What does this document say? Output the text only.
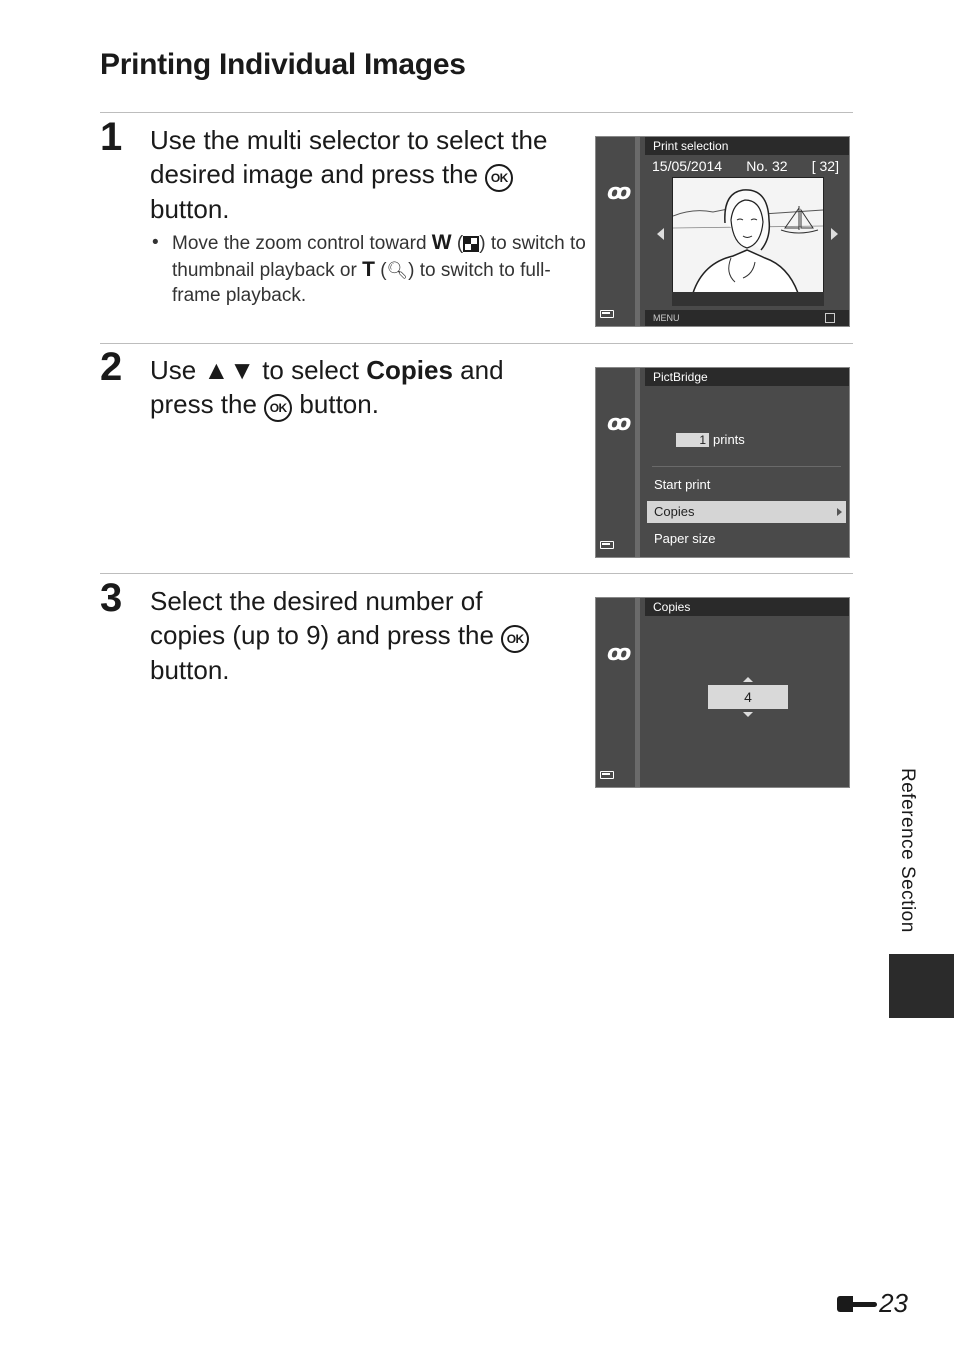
Printing Individual Images
1 Use the multi selector to select the desired image and press the OK button.
• Move the zoom control toward W ( ) to switch to thumbnail playback or T (🔍︎) to switch to full-frame playback.
ꝏ
Print selection
15/05/2014 No. 32 [ 32]
MENU
2 Use ▲▼ to select Copies and press the OK button.
ꝏ
PictBridge
1 prints
Start print
Copies
Paper size
3 Select the desired number of copies (up to 9) and press the OK button.
ꝏ
Copies
4
Reference Section
23
